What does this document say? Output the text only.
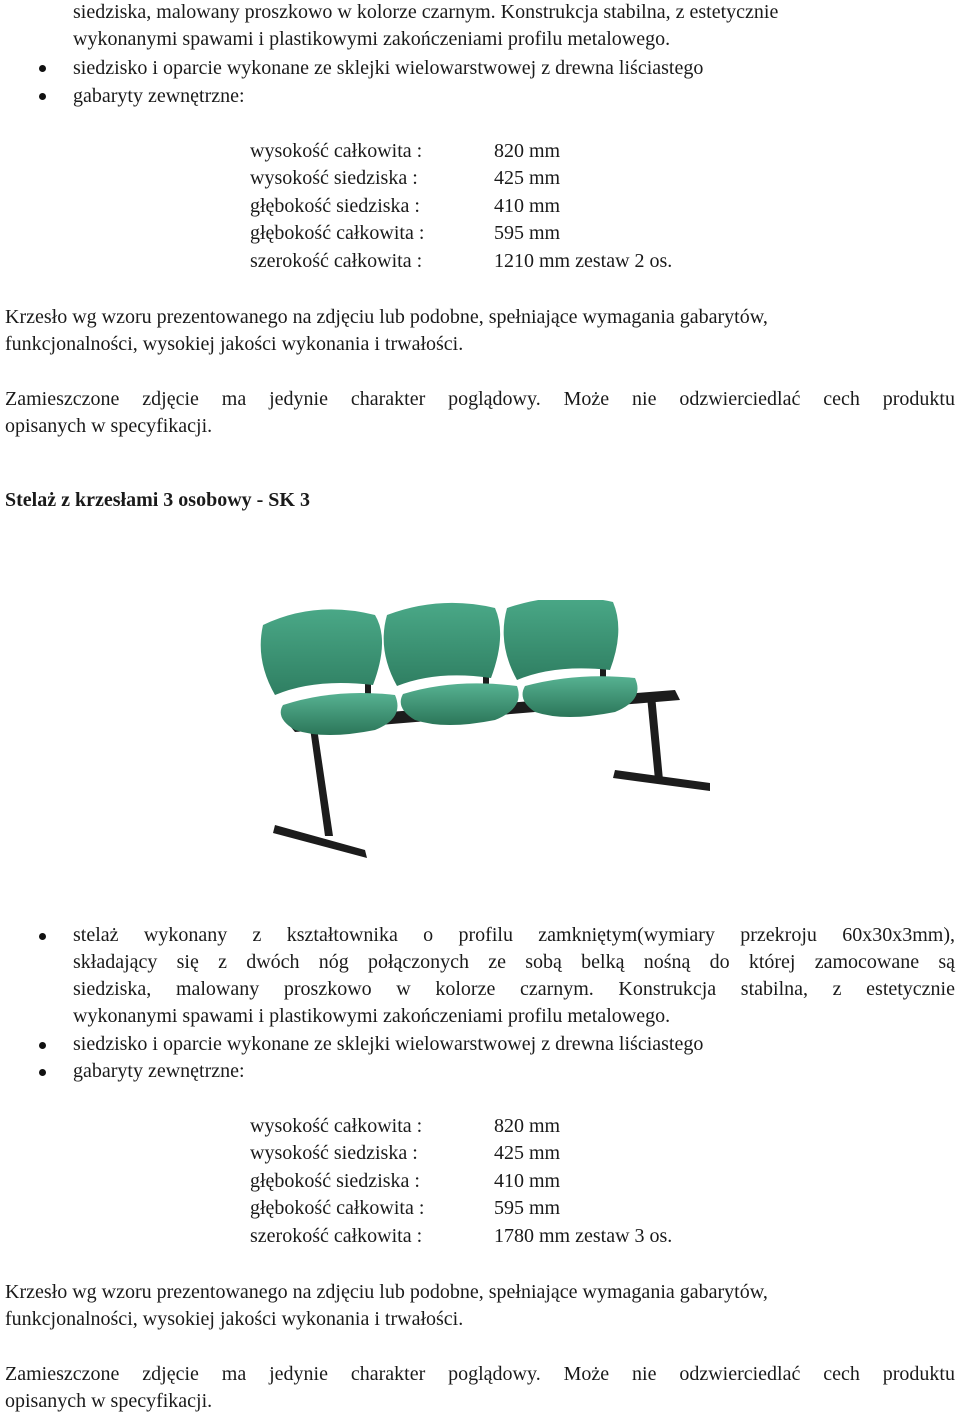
siedziska, malowany proszkowo w kolorze czarnym. Konstrukcja stabilna, z estetycznie
wykonanymi spawami i plastikowymi zakończeniami profilu metalowego.
siedzisko i oparcie wykonane ze sklejki wielowarstwowej z drewna liściastego
gabaryty zewnętrzne:
wysokość całkowita :	820 mm
wysokość siedziska :	425 mm
głębokość siedziska :	410 mm
głębokość całkowita :	595 mm
szerokość całkowita :	1210 mm zestaw 2 os.
Krzesło wg wzoru prezentowanego na zdjęciu lub podobne, spełniające wymagania gabarytów,
funkcjonalności, wysokiej jakości wykonania i trwałości.
Zamieszczone zdjęcie ma jedynie charakter poglądowy. Może nie odzwierciedlać cech produktu
opisanych w specyfikacji.
Stelaż z krzesłami 3 osobowy - SK 3
stelaż wykonany z kształtownika o profilu zamkniętym(wymiary przekroju 60x30x3mm),
składający się z dwóch nóg połączonych ze sobą belką nośną do której zamocowane są
siedziska, malowany proszkowo w kolorze czarnym. Konstrukcja stabilna, z estetycznie
wykonanymi spawami i plastikowymi zakończeniami profilu metalowego.
siedzisko i oparcie wykonane ze sklejki wielowarstwowej z drewna liściastego
gabaryty zewnętrzne:
wysokość całkowita :	820 mm
wysokość siedziska :	425 mm
głębokość siedziska :	410 mm
głębokość całkowita :	595 mm
szerokość całkowita :	1780 mm zestaw 3 os.
Krzesło wg wzoru prezentowanego na zdjęciu lub podobne, spełniające wymagania gabarytów,
funkcjonalności, wysokiej jakości wykonania i trwałości.
Zamieszczone zdjęcie ma jedynie charakter poglądowy. Może nie odzwierciedlać cech produktu
opisanych w specyfikacji.
